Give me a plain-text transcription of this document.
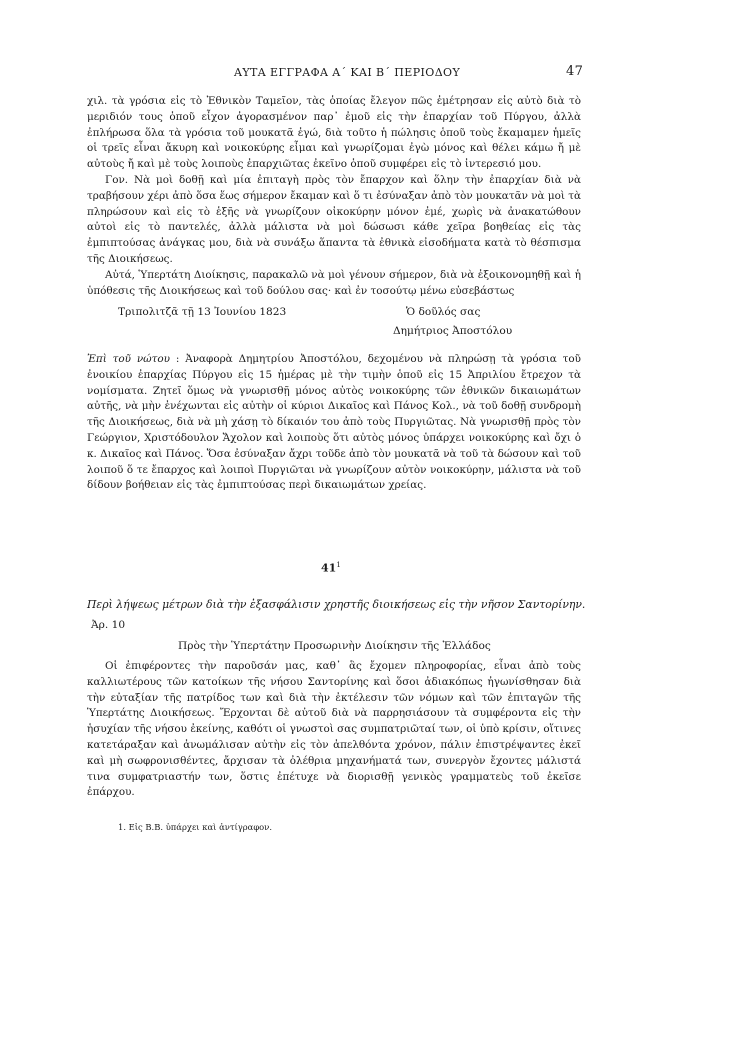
ΑΥΤΑ ΕΓΓΡΑΦΑ Α΄ ΚΑΙ Β΄ ΠΕΡΙΟΔΟΥ	47

χιλ. τὰ γρόσια εἰς τὸ Ἐθνικὸν Ταμεῖον, τὰς ὁποίας ἔλεγον πῶς ἐμέτρησαν εἰς αὐτὸ διὰ τὸ μεριδιόν τους ὁποῦ εἶχον ἀγορασμένον παρ᾽ ἐμοῦ εἰς τὴν ἐπαρχίαν τοῦ Πύργου, ἀλλὰ ἐπλήρωσα ὅλα τὰ γρόσια τοῦ μουκατᾶ ἐγώ, διὰ τοῦτο ἡ πώλησις ὁποῦ τοὺς ἔκαμαμεν ἡμεῖς οἱ τρεῖς εἶναι ἄκυρη καὶ νοικοκύρης εἶμαι καὶ γνωρίζομαι ἐγὼ μόνος καὶ θέλει κάμω ἤ μὲ αὐτοὺς ἤ καὶ μὲ τοὺς λοιποὺς ἐπαρχιῶτας ἐκεῖνο ὁποῦ συμφέρει εἰς τὸ ἰντερεσιό μου.

Γον. Νὰ μοὶ δοθῇ καὶ μία ἐπιταγὴ πρὸς τὸν ἔπαρχον καὶ ὅλην τὴν ἐπαρχίαν διὰ νὰ τραβήσουν χέρι ἀπὸ ὅσα ἕως σήμερον ἔκαμαν καὶ ὅ τι ἐσύναξαν ἀπὸ τὸν μουκατᾶν νὰ μοὶ τὰ πληρώσουν καὶ εἰς τὸ ἑξῆς νὰ γνωρίζουν οἰκοκύρην μόνον ἐμέ, χωρὶς νὰ ἀνακατώθουν αὐτοὶ εἰς τὸ παντελές, ἀλλὰ μάλιστα νὰ μοὶ δώσωσι κάθε χεῖρα βοηθείας εἰς τὰς ἐμπιπτούσας ἀνάγκας μου, διὰ νὰ συνάξω ἅπαντα τὰ ἐθνικὰ εἰσοδήματα κατὰ τὸ θέσπισμα τῆς Διοικήσεως.

Αὐτά, Ὑπερτάτη Διοίκησις, παρακαλῶ νὰ μοὶ γένουν σήμερον, διὰ νὰ ἐξοικονομηθῇ καὶ ἡ ὑπόθεσις τῆς Διοικήσεως καὶ τοῦ δούλου σας· καὶ ἐν τοσούτῳ μένω εὐσεβάστως

Τριπολιτζᾶ τῇ 13 Ἰουνίου 1823	Ὁ δοῦλός σας
Δημήτριος Ἀποστόλου

Ἐπὶ τοῦ νώτου : Ἀναφορὰ Δημητρίου Ἀποστόλου, δεχομένου νὰ πληρώσῃ τὰ γρόσια τοῦ ἐνοικίου ἐπαρχίας Πύργου εἰς 15 ἡμέρας μὲ τὴν τιμὴν ὁποῦ εἰς 15 Ἀπριλίου ἔτρεχον τὰ νομίσματα. Ζητεῖ ὅμως νὰ γνωρισθῇ μόνος αὐτὸς νοικοκύρης τῶν ἐθνικῶν δικαιωμάτων αὐτῆς, νὰ μὴν ἐνέχωνται εἰς αὐτὴν οἱ κύριοι Δικαῖος καὶ Πάνος Κολ., νὰ τοῦ δοθῇ συνδρομὴ τῆς Διοικήσεως, διὰ νὰ μὴ χάσῃ τὸ δίκαιόν του ἀπὸ τοὺς Πυργιῶτας. Νὰ γνωρισθῇ πρὸς τὸν Γεώργιον, Χριστόδουλον Ἄχολον καὶ λοιποὺς ὅτι αὐτὸς μόνος ὑπάρχει νοικοκύρης καὶ ὄχι ὁ κ. Δικαῖος καὶ Πάνος. Ὅσα ἐσύναξαν ἄχρι τοῦδε ἀπὸ τὸν μουκατᾶ νὰ τοῦ τὰ δώσουν καὶ τοῦ λοιποῦ ὅ τε ἔπαρχος καὶ λοιποὶ Πυργιῶται νὰ γνωρίζουν αὐτὸν νοικοκύρην, μάλιστα νὰ τοῦ δίδουν βοήθειαν εἰς τὰς ἐμπιπτούσας περὶ δικαιωμάτων χρείας.

$41^1$
Περὶ λήψεως μέτρων διὰ τὴν ἐξασφάλισιν χρηστῆς διοικήσεως εἰς τὴν νῆσον Σαντορίνην.
Ἀρ. 10
Πρὸς τὴν Ὑπερτάτην Προσωρινὴν Διοίκησιν τῆς Ἑλλάδος

Οἱ ἐπιφέροντες τὴν παροῦσάν μας, καθ᾽ ἃς ἔχομεν πληροφορίας, εἶναι ἀπὸ τοὺς καλλιωτέρους τῶν κατοίκων τῆς νήσου Σαντορίνης καὶ ὅσοι ἀδιακόπως ἠγωνίσθησαν διὰ τὴν εὐταξίαν τῆς πατρίδος των καὶ διὰ τὴν ἐκτέλεσιν τῶν νόμων καὶ τῶν ἐπιταγῶν τῆς Ὑπερτάτης Διοικήσεως. Ἔρχονται δὲ αὐτοῦ διὰ νὰ παρρησιάσουν τὰ συμφέροντα εἰς τὴν ἡσυχίαν τῆς νήσου ἐκείνης, καθότι οἱ γνωστοὶ σας συμπατριῶταί των, οἱ ὑπὸ κρίσιν, οἵτινες κατετάραξαν καὶ ἀνωμάλισαν αὐτὴν εἰς τὸν ἀπελθόντα χρόνον, πάλιν ἐπιστρέψαντες ἐκεῖ καὶ μὴ σωφρονισθέντες, ἄρχισαν τὰ ὀλέθρια μηχανήματά των, συνεργὸν ἔχοντες μάλιστά τινα συμφατριαστήν των, ὅστις ἐπέτυχε νὰ διορισθῇ γενικὸς γραμματεὺς τοῦ ἐκεῖσε ἐπάρχου.

1. Εἰς Β.Β. ὑπάρχει καὶ ἀντίγραφον.
